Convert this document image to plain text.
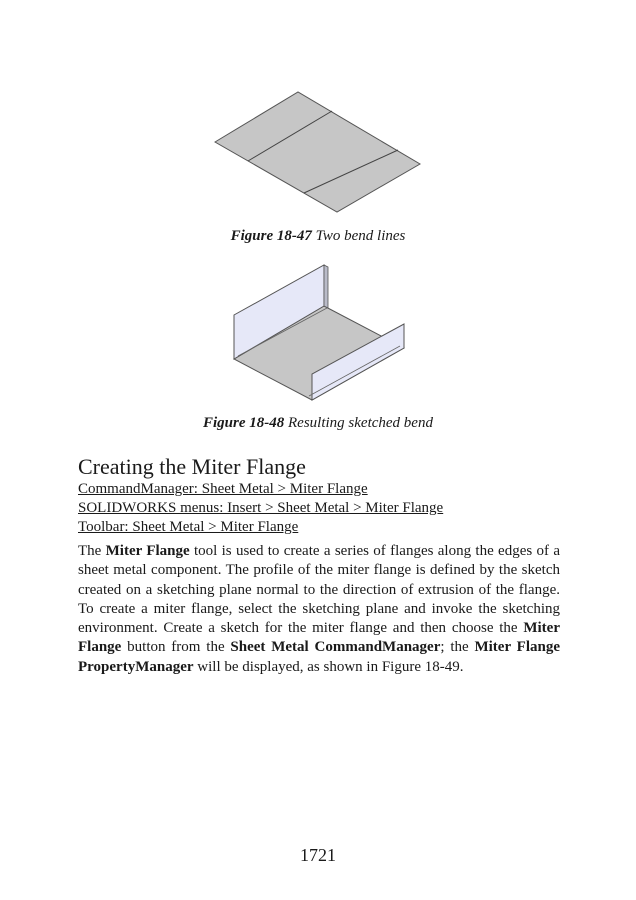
Figure 18-47 Two bend lines
Figure 18-48 Resulting sketched bend
Creating the Miter Flange
CommandManager: Sheet Metal > Miter Flange
SOLIDWORKS menus: Insert > Sheet Metal > Miter Flange
Toolbar: Sheet Metal > Miter Flange

The Miter Flange tool is used to create a series of flanges along the edges of a sheet metal component. The profile of the miter flange is defined by the sketch created on a sketching plane normal to the direction of extrusion of the flange. To create a miter flange, select the sketching plane and invoke the sketching environment. Create a sketch for the miter flange and then choose the Miter Flange button from the Sheet Metal CommandManager; the Miter Flange PropertyManager will be displayed, as shown in Figure 18-49.

1721
